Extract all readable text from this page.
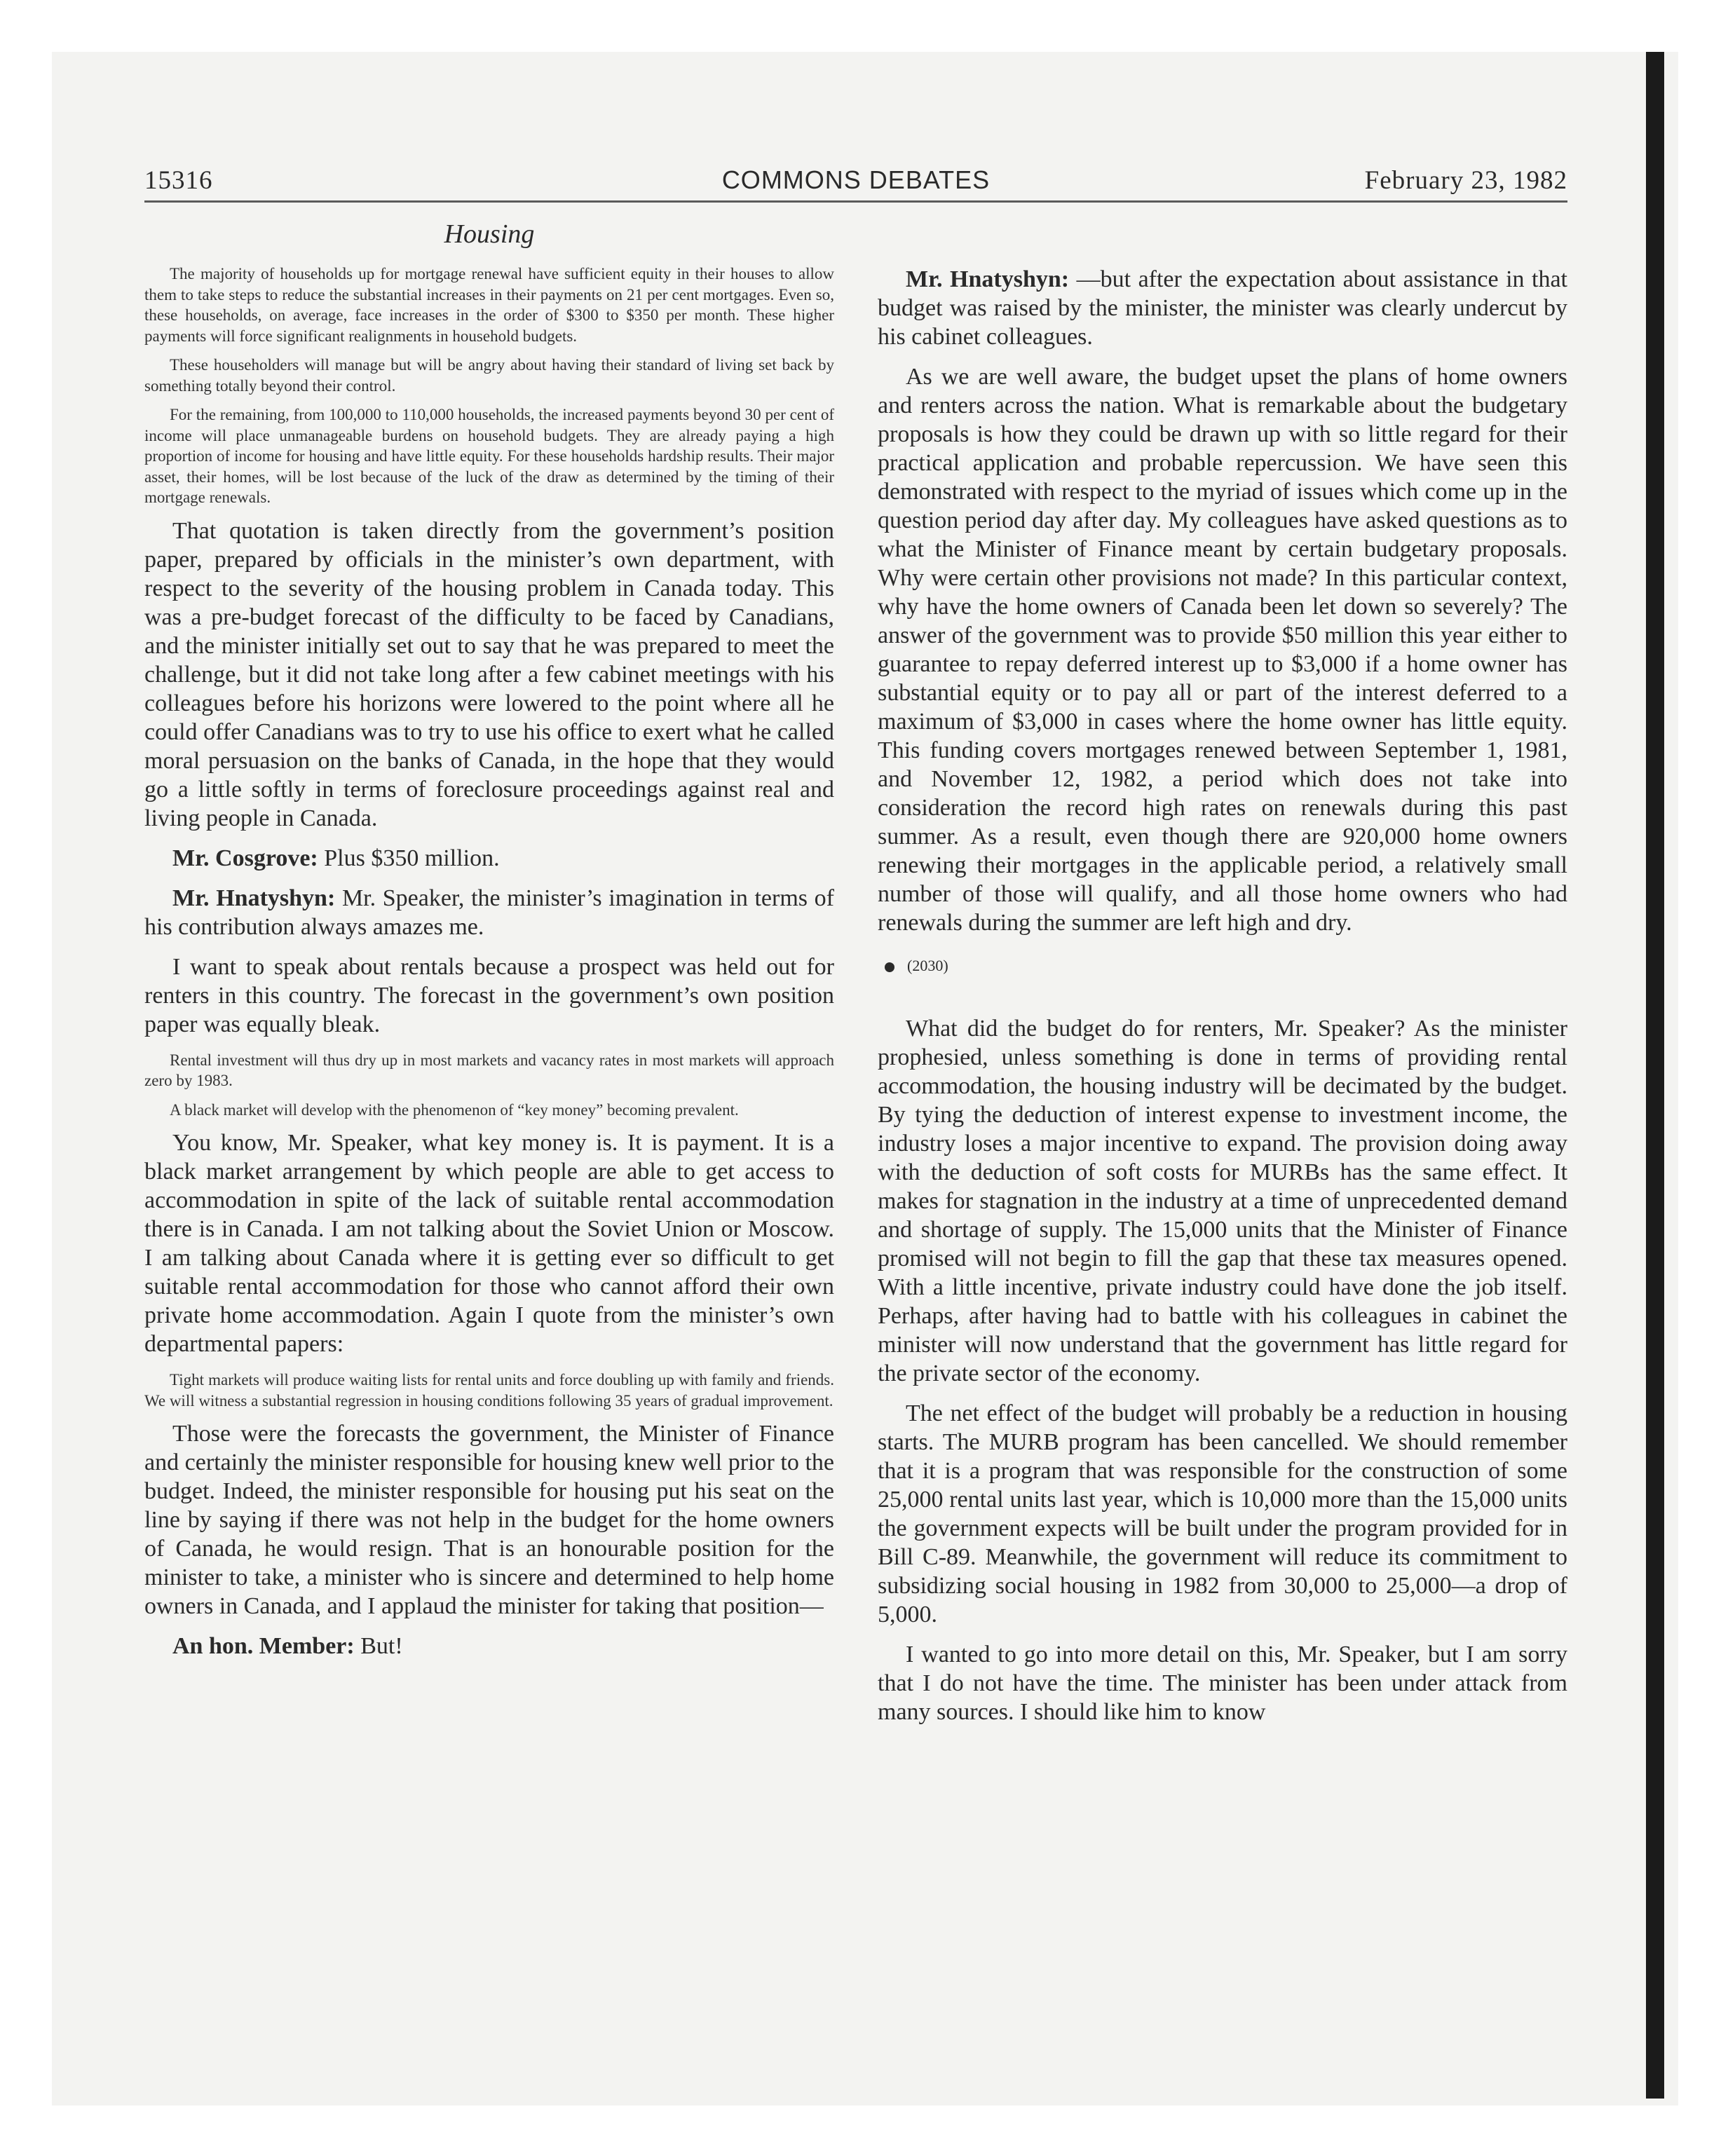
15316	COMMONS DEBATES	February 23, 1982
Housing

The majority of households up for mortgage renewal have sufficient equity in their houses to allow them to take steps to reduce the substantial increases in their payments on 21 per cent mortgages. Even so, these households, on average, face increases in the order of $300 to $350 per month. These higher payments will force significant realignments in household budgets.

These householders will manage but will be angry about having their standard of living set back by something totally beyond their control.

For the remaining, from 100,000 to 110,000 households, the increased payments beyond 30 per cent of income will place unmanageable burdens on household budgets. They are already paying a high proportion of income for housing and have little equity. For these households hardship results. Their major asset, their homes, will be lost because of the luck of the draw as determined by the timing of their mortgage renewals.

That quotation is taken directly from the government’s position paper, prepared by officials in the minister’s own department, with respect to the severity of the housing problem in Canada today. This was a pre-budget forecast of the difficulty to be faced by Canadians, and the minister initially set out to say that he was prepared to meet the challenge, but it did not take long after a few cabinet meetings with his colleagues before his horizons were lowered to the point where all he could offer Canadians was to try to use his office to exert what he called moral persuasion on the banks of Canada, in the hope that they would go a little softly in terms of foreclosure proceedings against real and living people in Canada.

Mr. Cosgrove: Plus $350 million.

Mr. Hnatyshyn: Mr. Speaker, the minister’s imagination in terms of his contribution always amazes me.

I want to speak about rentals because a prospect was held out for renters in this country. The forecast in the government’s own position paper was equally bleak.

Rental investment will thus dry up in most markets and vacancy rates in most markets will approach zero by 1983.

A black market will develop with the phenomenon of “key money” becoming prevalent.

You know, Mr. Speaker, what key money is. It is payment. It is a black market arrangement by which people are able to get access to accommodation in spite of the lack of suitable rental accommodation there is in Canada. I am not talking about the Soviet Union or Moscow. I am talking about Canada where it is getting ever so difficult to get suitable rental accommodation for those who cannot afford their own private home accommodation. Again I quote from the minister’s own departmental papers:

Tight markets will produce waiting lists for rental units and force doubling up with family and friends. We will witness a substantial regression in housing conditions following 35 years of gradual improvement.

Those were the forecasts the government, the Minister of Finance and certainly the minister responsible for housing knew well prior to the budget. Indeed, the minister responsible for housing put his seat on the line by saying if there was not help in the budget for the home owners of Canada, he would resign. That is an honourable position for the minister to take, a minister who is sincere and determined to help home owners in Canada, and I applaud the minister for taking that position—

An hon. Member: But!

Mr. Hnatyshyn: —but after the expectation about assistance in that budget was raised by the minister, the minister was clearly undercut by his cabinet colleagues.

As we are well aware, the budget upset the plans of home owners and renters across the nation. What is remarkable about the budgetary proposals is how they could be drawn up with so little regard for their practical application and probable repercussion. We have seen this demonstrated with respect to the myriad of issues which come up in the question period day after day. My colleagues have asked questions as to what the Minister of Finance meant by certain budgetary proposals. Why were certain other provisions not made? In this particular context, why have the home owners of Canada been let down so severely? The answer of the government was to provide $50 million this year either to guarantee to repay deferred interest up to $3,000 if a home owner has substantial equity or to pay all or part of the interest deferred to a maximum of $3,000 in cases where the home owner has little equity. This funding covers mortgages renewed between September 1, 1981, and November 12, 1982, a period which does not take into consideration the record high rates on renewals during this past summer. As a result, even though there are 920,000 home owners renewing their mortgages in the applicable period, a relatively small number of those will qualify, and all those home owners who had renewals during the summer are left high and dry.

(2030)

What did the budget do for renters, Mr. Speaker? As the minister prophesied, unless something is done in terms of providing rental accommodation, the housing industry will be decimated by the budget. By tying the deduction of interest expense to investment income, the industry loses a major incentive to expand. The provision doing away with the deduction of soft costs for MURBs has the same effect. It makes for stagnation in the industry at a time of unprecedented demand and shortage of supply. The 15,000 units that the Minister of Finance promised will not begin to fill the gap that these tax measures opened. With a little incentive, private industry could have done the job itself. Perhaps, after having had to battle with his colleagues in cabinet the minister will now understand that the government has little regard for the private sector of the economy.

The net effect of the budget will probably be a reduction in housing starts. The MURB program has been cancelled. We should remember that it is a program that was responsible for the construction of some 25,000 rental units last year, which is 10,000 more than the 15,000 units the government expects will be built under the program provided for in Bill C-89. Meanwhile, the government will reduce its commitment to subsidizing social housing in 1982 from 30,000 to 25,000—a drop of 5,000.

I wanted to go into more detail on this, Mr. Speaker, but I am sorry that I do not have the time. The minister has been under attack from many sources. I should like him to know
